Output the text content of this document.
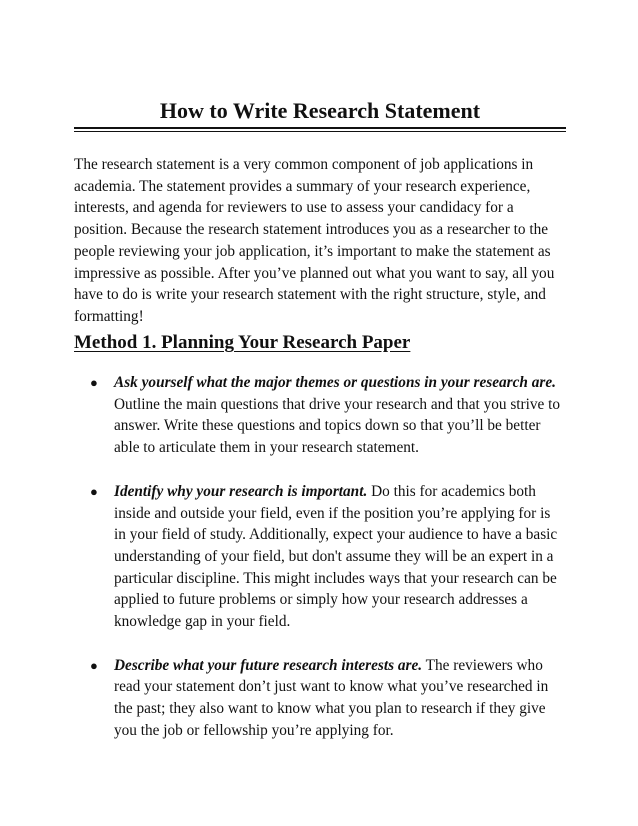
How to Write Research Statement
The research statement is a very common component of job applications in academia. The statement provides a summary of your research experience, interests, and agenda for reviewers to use to assess your candidacy for a position. Because the research statement introduces you as a researcher to the people reviewing your job application, it’s important to make the statement as impressive as possible. After you’ve planned out what you want to say, all you have to do is write your research statement with the right structure, style, and formatting!
Method 1. Planning Your Research Paper
● Ask yourself what the major themes or questions in your research are. Outline the main questions that drive your research and that you strive to answer. Write these questions and topics down so that you’ll be better able to articulate them in your research statement.
● Identify why your research is important. Do this for academics both inside and outside your field, even if the position you’re applying for is in your field of study. Additionally, expect your audience to have a basic understanding of your field, but don't assume they will be an expert in a particular discipline. This might includes ways that your research can be applied to future problems or simply how your research addresses a knowledge gap in your field.
● Describe what your future research interests are. The reviewers who read your statement don’t just want to know what you’ve researched in the past; they also want to know what you plan to research if they give you the job or fellowship you’re applying for.
